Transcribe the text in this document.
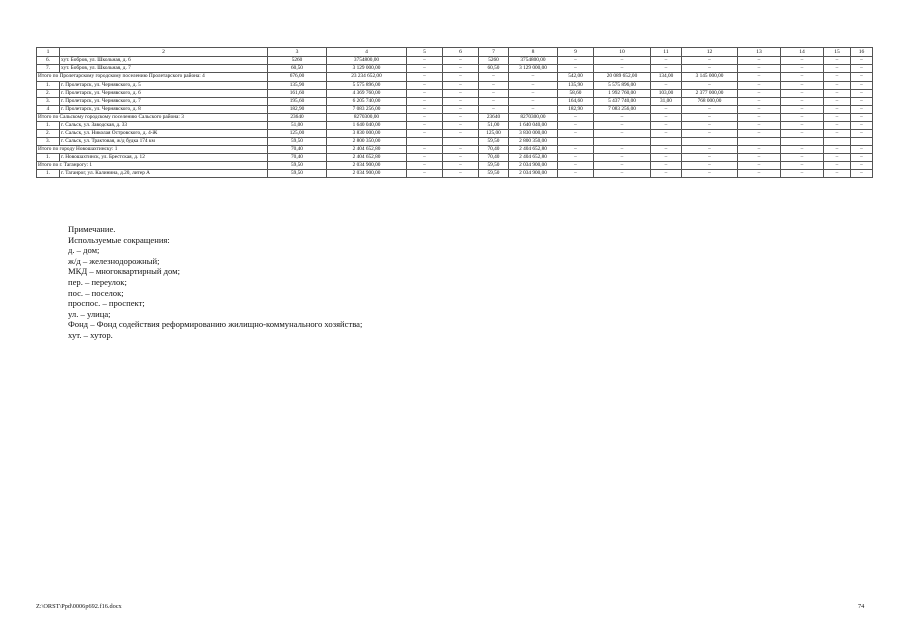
1	2	3	4	5	6	7	8	9	10	11	12	13	14	15	16
6.	хут. Бобров, ул. Школьная, д. 6	5260	3754800,00	–	–	5260	3754800,00	–	–	–	–	–	–	–	–
7.	хут. Бобров, ул. Школьная, д. 7	60,50	3 129 000,00	–	–	60,50	3 129 000,00	–	–	–	–	–	–	–	–
Итого по Пролетарскому городскому поселению Пролетарского района: 4		676,00	23 234 652,00	–	–	–	–	542,00	20 089 652,00	134,00	3 145 000,00	–	–	–	–
1.	г. Пролетарск, ул. Чернявского, д. 5	135,90	5 575 896,00	–	–	–	–	135,90	5 575 896,00	–	–	–	–	–	–
2.	г. Пролетарск, ул. Чернявского, д. 6	161,60	4 369 760,00	–	–	–	–	58,60	1 992 760,00	103,00	2 377 000,00	–	–	–	–
3.	г. Пролетарск, ул. Чернявского, д. 7	195,60	6 205 740,00	–	–	–	–	164,60	5 437 740,00	31,00	768 000,00	–	–	–	–
4	г. Пролетарск, ул. Чернявского, д. 8	182,90	7 083 256,00	–	–	–	–	182,90	7 083 256,00	–	–	–	–	–	–
Итого по Сальскому городскому поселению Сальского района: 3		23640	8270300,00	–	–	23640	8270300,00	–	–	–	–	–	–	–	–
1.	г. Сальск, ул. Заводская, д. 33	51,00	1 640 040,00	–	–	51,00	1 640 040,00	–	–	–	–	–	–	–	–
2.	г. Сальск, ул. Николая Островского, д. 4-Ж	125,00	3 830 000,00	–	–	125,00	3 830 000,00	–	–	–	–	–	–	–	–
3.	г. Сальск, ул. Трактовая, ж/д будка 174 км	59,50	2 800 350,00			59,50	2 800 350,00								
Итого по городу Новошахтинску: 1		70,40	2 404 652,80	–	–	70,40	2 404 652,80	–	–	–	–	–	–	–	–
1.	г. Новошахтинск, ул. Брестская, д. 12	70,40	2 404 652,80	–	–	70,40	2 404 652,80	–	–	–	–	–	–	–	–
Итого по г. Таганрогу: 1		59,50	2 034 900,00	–	–	59,50	2 034 900,00	–	–	–	–	–	–	–	–
1.	г. Таганрог, ул. Калинина, д.20, литер А	59,50	2 034 900,00	–	–	59,50	2 034 900,00	–	–	–	–	–	–	–	–
Примечание.
Используемые сокращения:
д. – дом;
ж/д – железнодорожный;
МКД – многоквартирный дом;
пер. – переулок;
пос. – поселок;
проспос. – проспект;
ул. – улица;
Фонд – Фонд содействия реформированию жилищно-коммунального хозяйства;
хут. – хутор.
Z:\ORST\Ppd\0006p692.f16.docx	74
